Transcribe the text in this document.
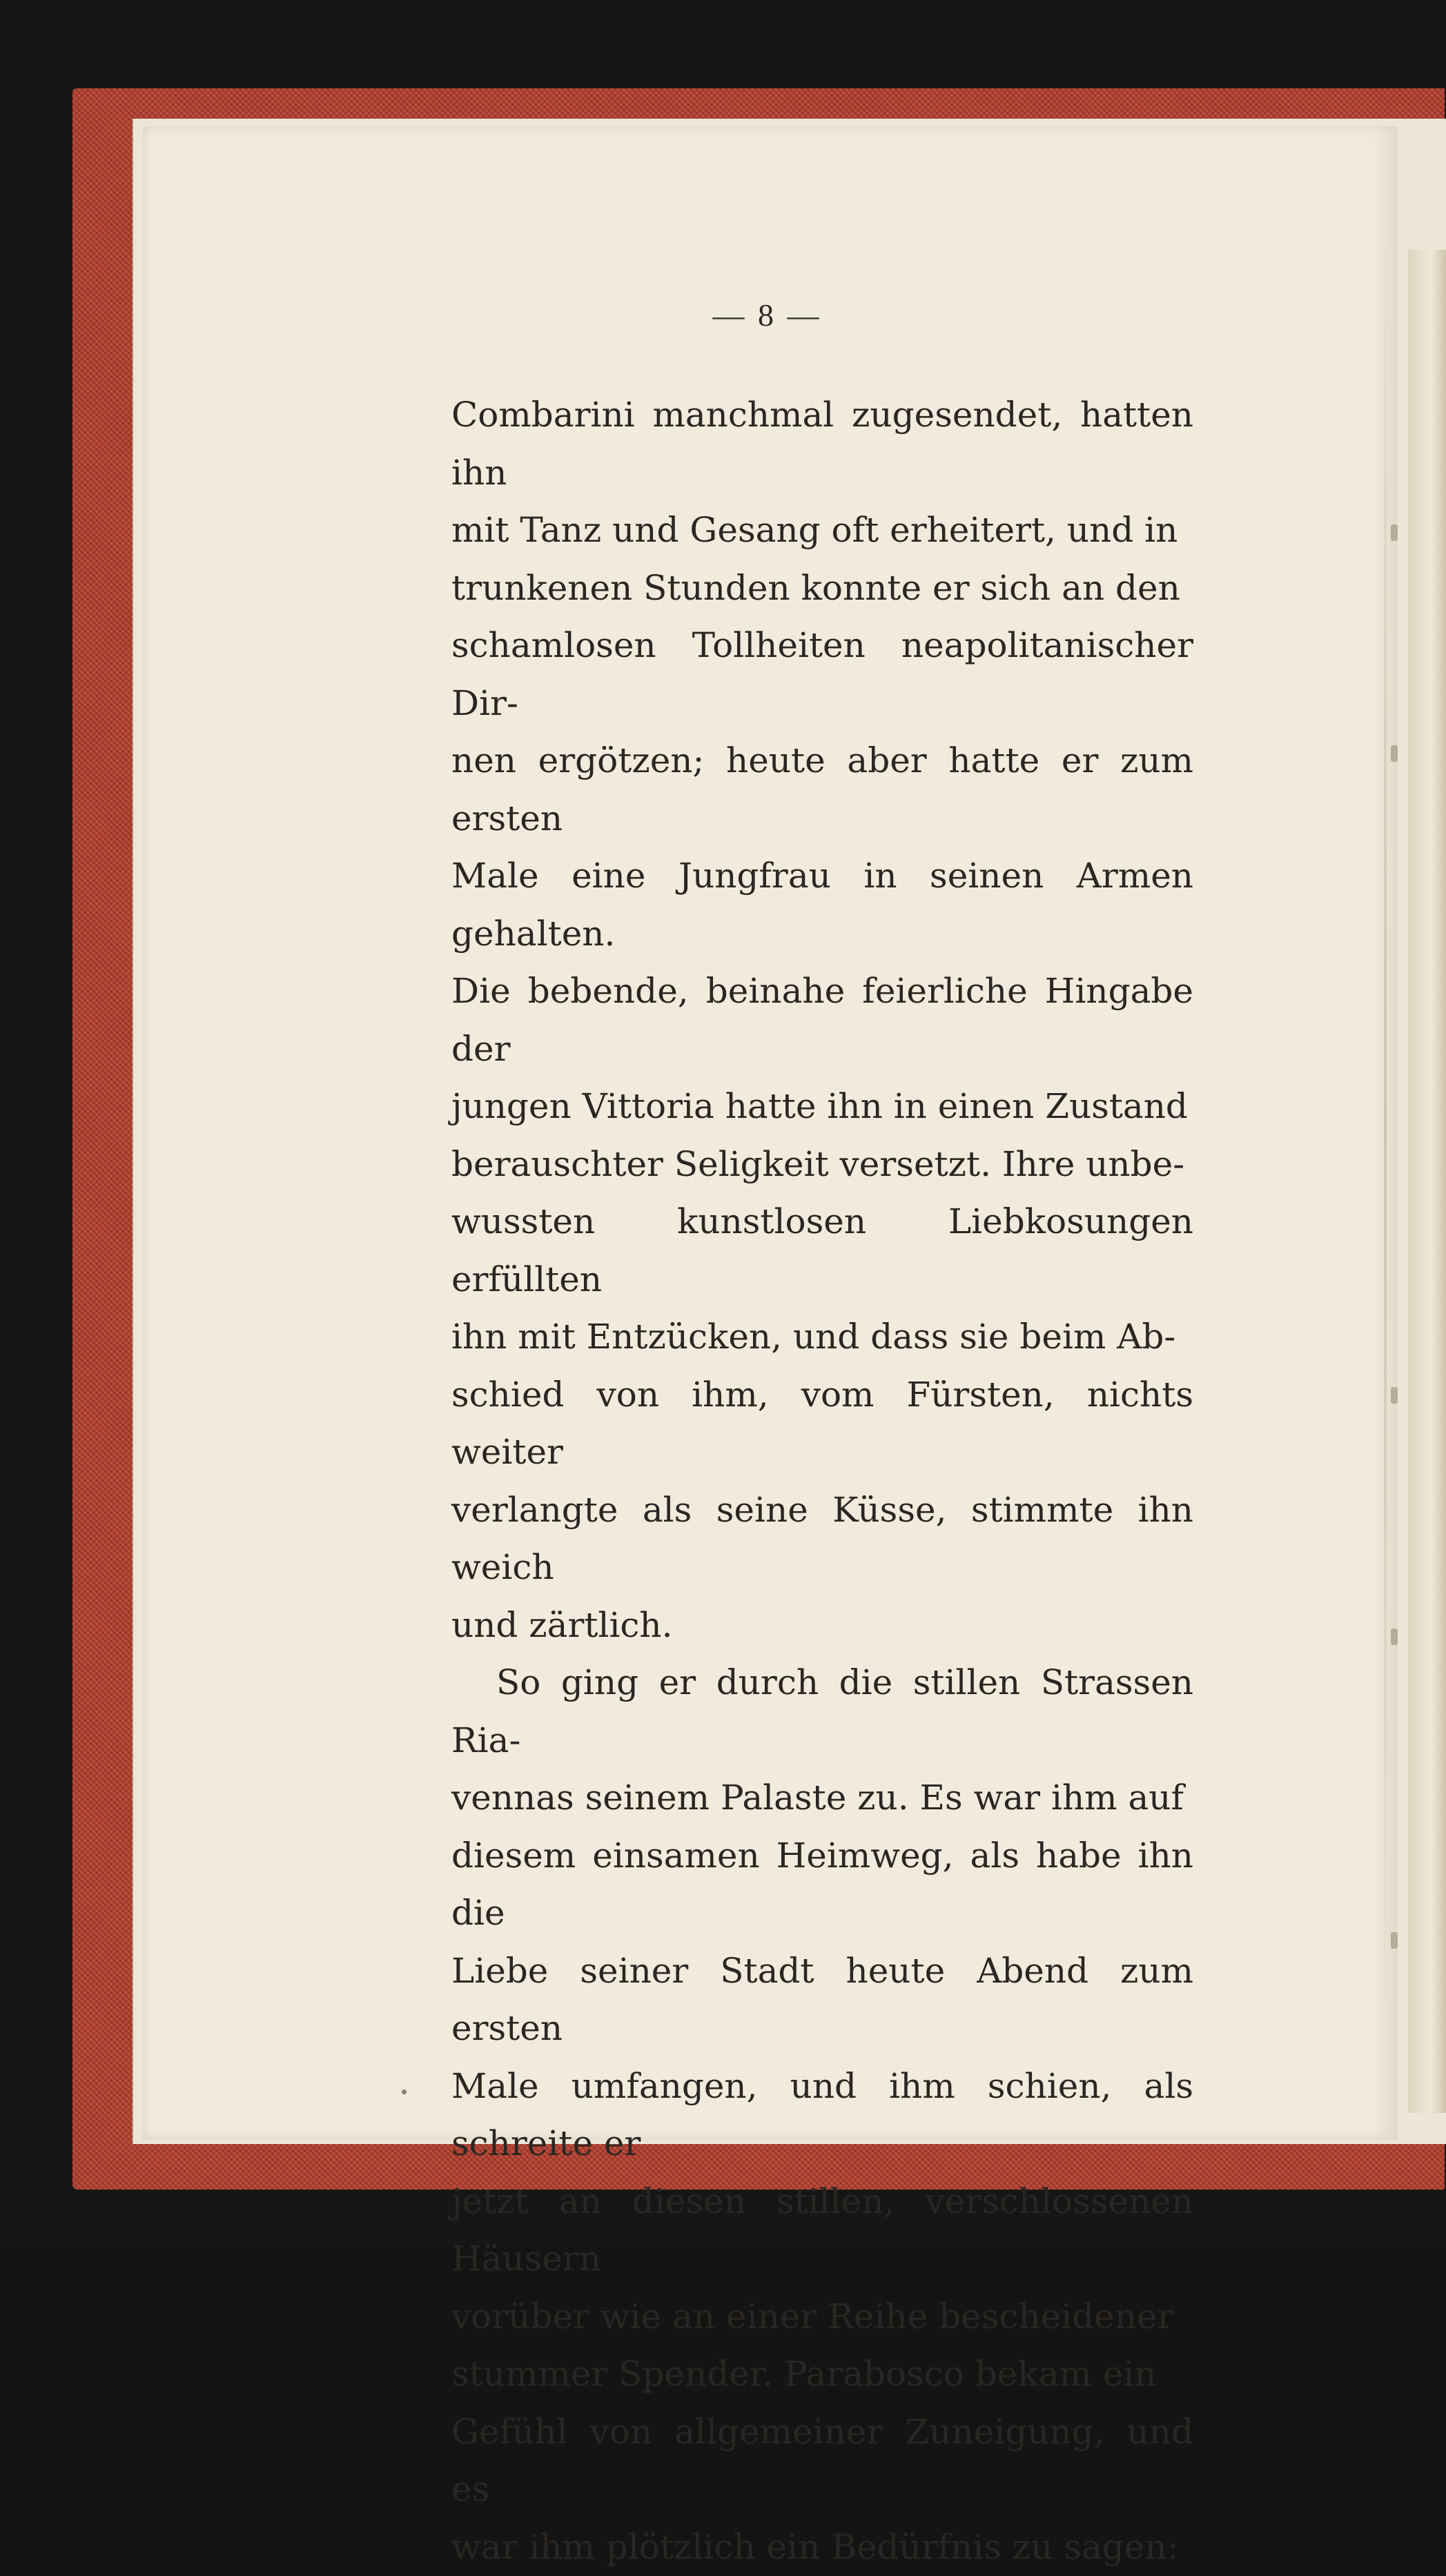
— 8 —

Combarini manchmal zugesendet, hatten ihn

mit Tanz und Gesang oft erheitert, und in

trunkenen Stunden konnte er sich an den

schamlosen Tollheiten neapolitanischer Dir-

nen ergötzen; heute aber hatte er zum ersten

Male eine Jungfrau in seinen Armen gehalten.

Die bebende, beinahe feierliche Hingabe der

jungen Vittoria hatte ihn in einen Zustand

berauschter Seligkeit versetzt. Ihre unbe-

wussten kunstlosen Liebkosungen erfüllten

ihn mit Entzücken, und dass sie beim Ab-

schied von ihm, vom Fürsten, nichts weiter

verlangte als seine Küsse, stimmte ihn weich

und zärtlich.

So ging er durch die stillen Strassen Ria-

vennas seinem Palaste zu. Es war ihm auf

diesem einsamen Heimweg, als habe ihn die

Liebe seiner Stadt heute Abend zum ersten

Male umfangen, und ihm schien, als schreite er

jetzt an diesen stillen, verschlossenen Häusern

vorüber wie an einer Reihe bescheidener

stummer Spender. Parabosco bekam ein

Gefühl von allgemeiner Zuneigung, und es

war ihm plötzlich ein Bedürfnis zu sagen:
